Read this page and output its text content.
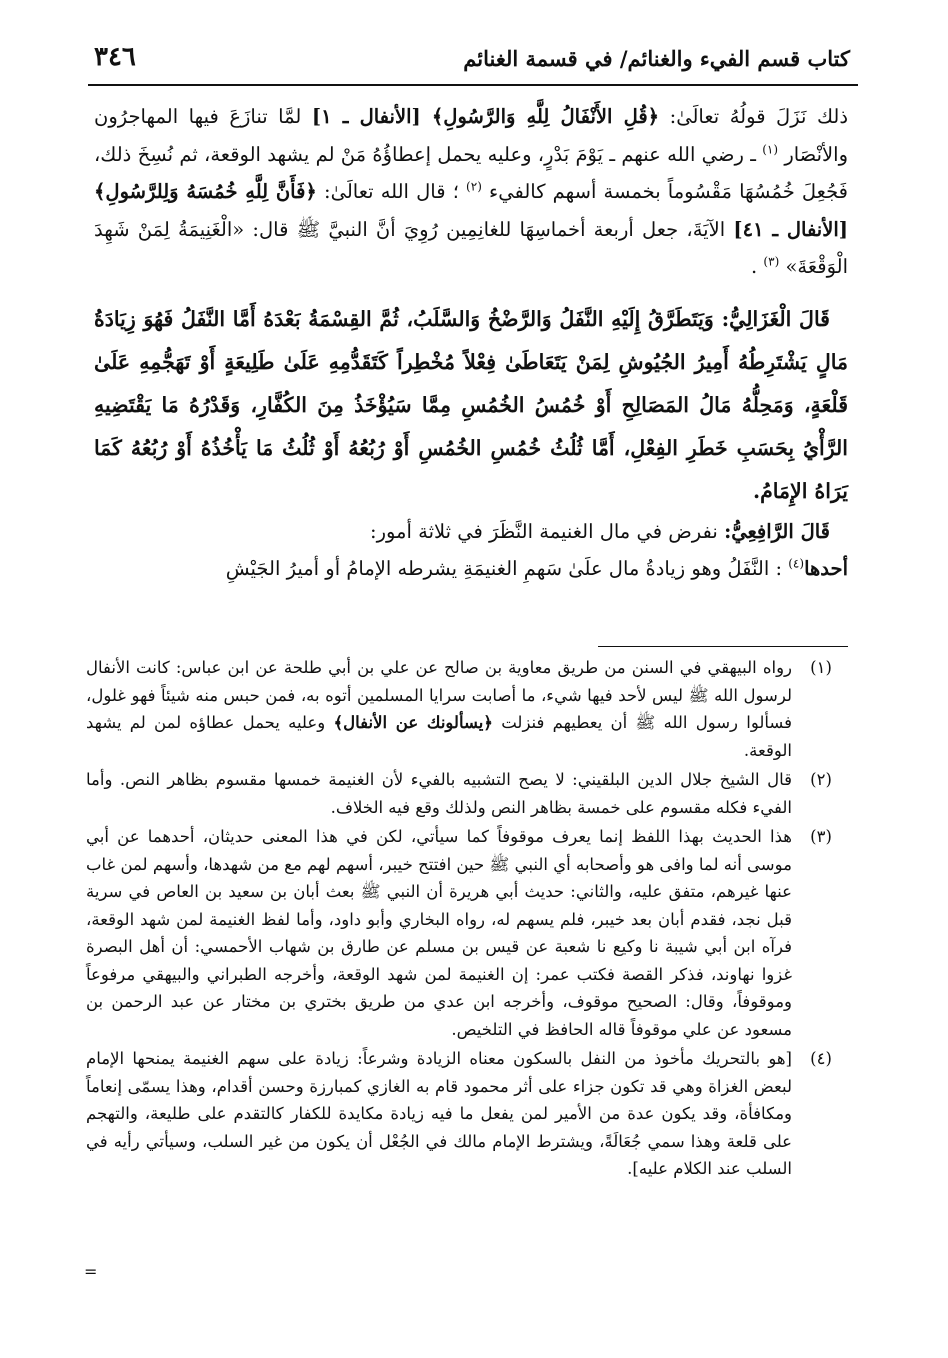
كتاب قسم الفيء والغنائم/ في قسمة الغنائم
٣٤٦

ذلك نَزَلَ قولُهُ تعالَىٰ: ﴿قُلِ الأَنْفَالُ لِلَّهِ وَالرَّسُولِ﴾ [الأنفال ـ ١] لمَّا تنازَعَ فيها المهاجرُون والأنْصَار $^{(١)}$ ـ رضي الله عنهم ـ يَوْمَ بَدْرٍ، وعليه يحمل إعطاؤُهُ مَنْ لم يشهد الوقعة، ثم نُسِخَ ذلك، فَجُعِلَ خُمُسُهَا مَقْسُوماً بخمسة أسهم كالفيء $^{(٢)}$ ؛ قال الله تعالَىٰ: ﴿فَأَنَّ لِلَّهِ خُمُسَهُ وَلِلرَّسُولِ﴾ [الأنفال ـ ٤١] الآيَةَ، جعل أربعة أخماسِهَا للغانِمِين رُوِيَ أنَّ النبيَّ ﷺ قال: «الْغَنِيمَةُ لِمَنْ شَهِدَ الْوَقْعَةَ» $^{(٣)}$ .

قَالَ الْغَزَالِيُّ: وَيَتَطَرَّقُ إِلَيْهِ النَّفَلُ وَالرَّضْخُ وَالسَّلَبُ، ثُمَّ القِسْمَةُ بَعْدَهُ أَمَّا النَّفَلُ فَهُوَ زِيَادَةُ مَالٍ يَشْتَرِطُهُ أَمِيرُ الجُيُوشِ لِمَنْ يَتَعَاطَىٰ فِعْلاً مُخْطِراً كَتَقَدُّمِهِ عَلَىٰ طَلِيعَةٍ أَوْ تَهَجُّمِهِ عَلَىٰ قَلْعَةٍ، وَمَحِلُّهُ مَالُ المَصَالِحِ أَوْ خُمُسُ الخُمُسِ مِمَّا سَيُؤْخَذُ مِنَ الكُفَّارِ، وَقَدْرُهُ مَا يَقْتَضِيهِ الرَّأْيُ بِحَسَبِ خَطَرِ الفِعْلِ، أَمَّا ثُلُثُ خُمُسِ الخُمُسِ أَوْ رُبُعُهُ أَوْ ثُلُثُ مَا يَأْخُذُهُ أَوْ رُبُعُهُ كَمَا يَرَاهُ الإِمَامُ.

قَالَ الرَّافِعِيُّ: نفرض في مال الغنيمة النَّظَرَ في ثلاثة أمور:

أحدها$^{(٤)}$ : النَّفَلُ وهو زيادةُ مال علَىٰ سَهمِ الغنيمَةِ يشرطه الإمامُ أو أميرُ الجَيْشِ

(١)
رواه البيهقي في السنن من طريق معاوية بن صالح عن علي بن أبي طلحة عن ابن عباس: كانت الأنفال لرسول الله ﷺ ليس لأحد فيها شيء، ما أصابت سرايا المسلمين أتوه به، فمن حبس منه شيئاً فهو غلول، فسألوا رسول الله ﷺ أن يعطيهم فنزلت ﴿يسألونك عن الأنفال﴾ وعليه يحمل عطاؤه لمن لم يشهد الوقعة.
(٢)
قال الشيخ جلال الدين البلقيني: لا يصح التشبيه بالفيء لأن الغنيمة خمسها مقسوم بظاهر النص. وأما الفيء فكله مقسوم على خمسة بظاهر النص ولذلك وقع فيه الخلاف.
(٣)
هذا الحديث بهذا اللفظ إنما يعرف موقوفاً كما سيأتي، لكن في هذا المعنى حديثان، أحدهما عن أبي موسى أنه لما وافى هو وأصحابه أي النبي ﷺ حين افتتح خيبر، أسهم لهم مع من شهدها، وأسهم لمن غاب عنها غيرهم، متفق عليه، والثاني: حديث أبي هريرة أن النبي ﷺ بعث أبان بن سعيد بن العاص في سرية قبل نجد، فقدم أبان بعد خيبر، فلم يسهم له، رواه البخاري وأبو داود، وأما لفظ الغنيمة لمن شهد الوقعة، فرآه ابن أبي شيبة نا وكيع نا شعبة عن قيس بن مسلم عن طارق بن شهاب الأحمسي: أن أهل البصرة غزوا نهاوند، فذكر القصة فكتب عمر: إن الغنيمة لمن شهد الوقعة، وأخرجه الطبراني والبيهقي مرفوعاً وموقوفاً، وقال: الصحيح موقوف، وأخرجه ابن عدي من طريق بختري بن مختار عن عبد الرحمن بن مسعود عن علي موقوفاً قاله الحافظ في التلخيص.
(٤)
[هو بالتحريك مأخوذ من النفل بالسكون معناه الزيادة وشرعاً: زيادة على سهم الغنيمة يمنحها الإمام لبعض الغزاة وهي قد تكون جزاء على أثر محمود قام به الغازي كمبارزة وحسن أقدام، وهذا يسمّى إنعاماً ومكافأة، وقد يكون عدة من الأمير لمن يفعل ما فيه زيادة مكايدة للكفار كالتقدم على طليعة، والتهجم على قلعة وهذا سمي جُعَالَةً، ويشترط الإمام مالك في الجُعْل أن يكون من غير السلب، وسيأتي رأيه في السلب عند الكلام عليه].
=
